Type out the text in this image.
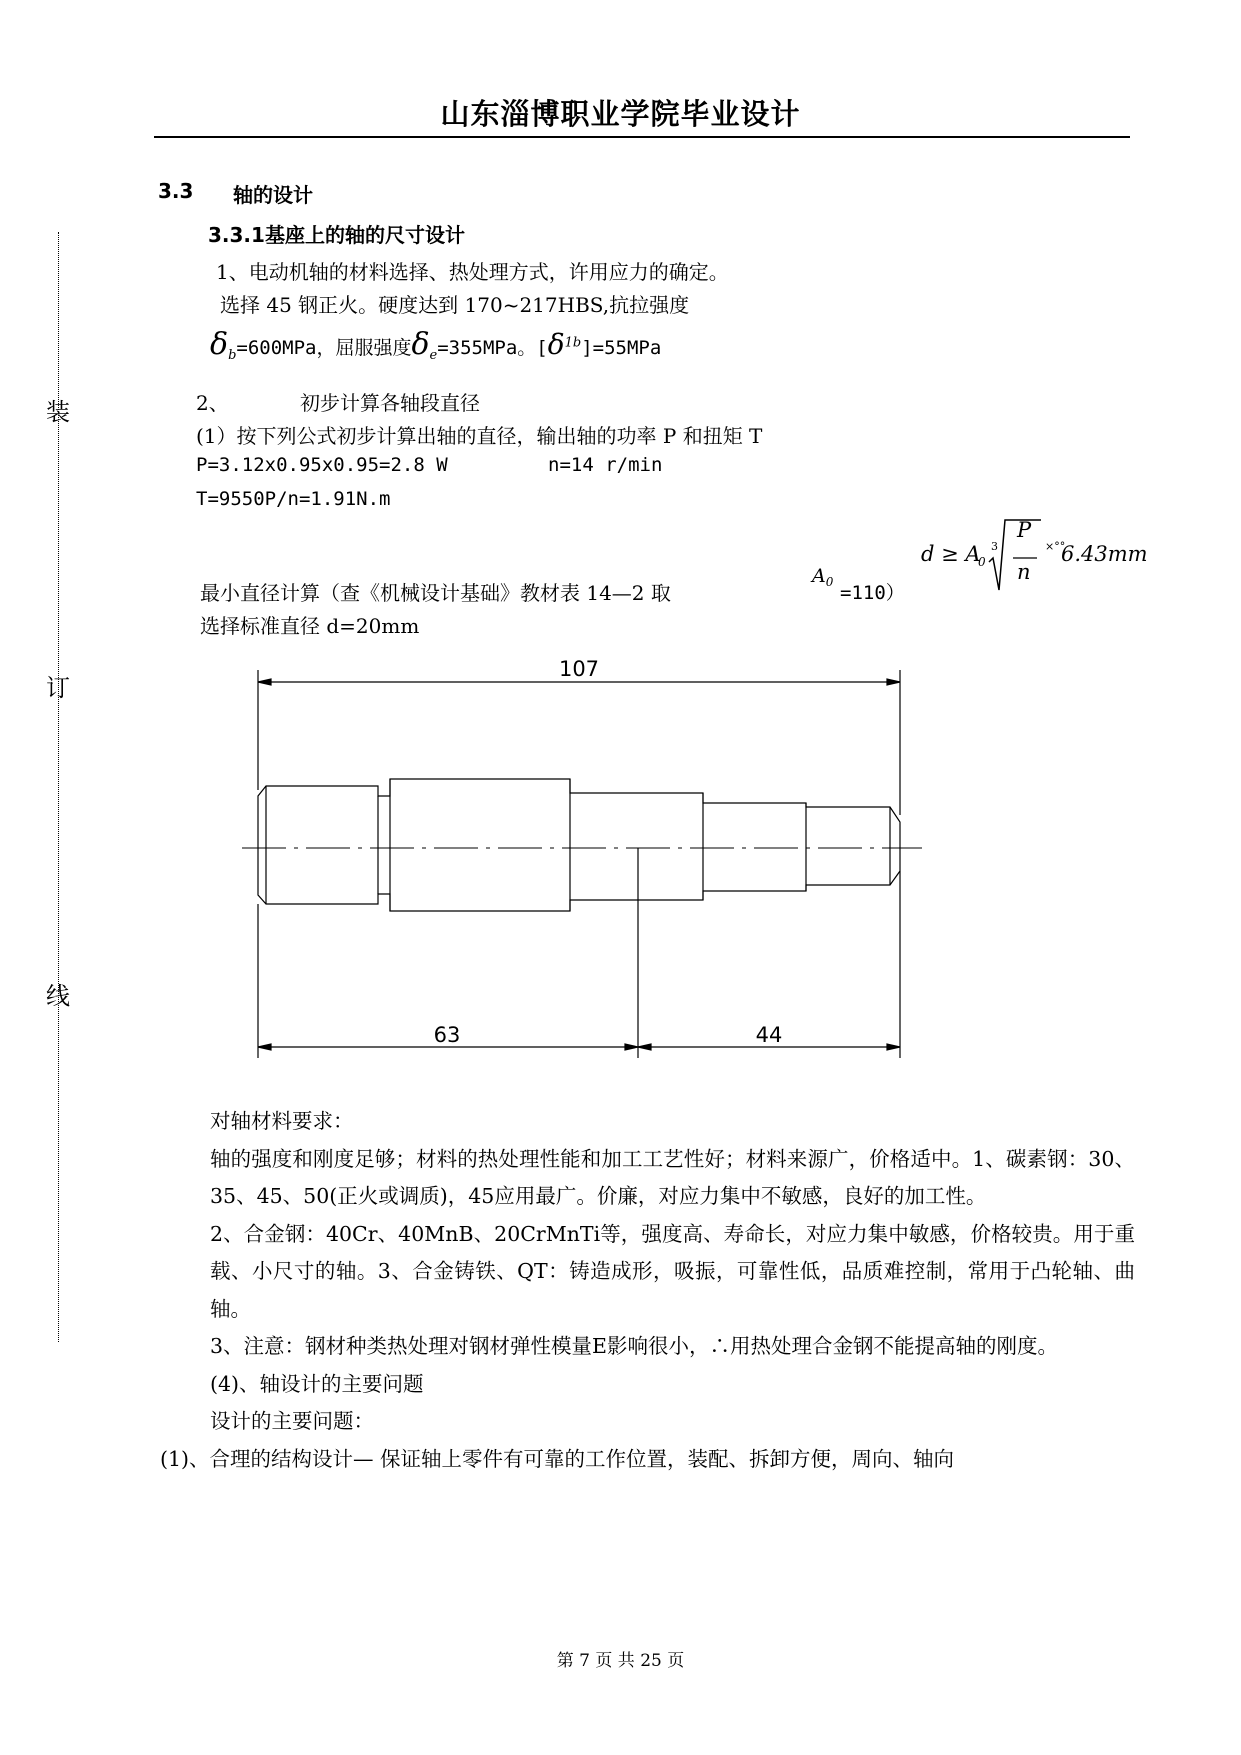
山东淄博职业学院毕业设计
装
订
线
3.3 轴的设计
3.3.1基座上的轴的尺寸设计
1、电动机轴的材料选择、热处理方式，许用应力的确定。
选择 45 钢正火。硬度达到 170~217HBS,抗拉强度
$\delta_b=600MPa$，屈服强度$\delta_e=355MPa$。$[\delta^{1b}]=55MPa$
2、	初步计算各轴段直径
(1）按下列公式初步计算出轴的直径，输出轴的功率 P 和扭矩 T
P=3.12x0.95x0.95=2.8 W	n=14 r/min
T=9550P/n=1.91N.m
d ≥ A
0
3
P
n
×°°
6.43mm
最小直径计算（查《机械设计基础》教材表 14—2 取
$A_0 =110$）
选择标准直径 d=20mm
107
63	44
对轴材料要求：
轴的强度和刚度足够；材料的热处理性能和加工工艺性好；材料来源广，价格适中。1、碳素钢：30、35、45、50(正火或调质)，45应用最广。价廉，对应力集中不敏感，良好的加工性。
2、合金钢：40Cr、40MnB、20CrMnTi等，强度高、寿命长，对应力集中敏感，价格较贵。用于重载、小尺寸的轴。3、合金铸铁、QT：铸造成形，吸振，可靠性低，品质难控制，常用于凸轮轴、曲轴。
3、注意：钢材种类热处理对钢材弹性模量E影响很小，∴用热处理合金钢不能提高轴的刚度。
(4)、轴设计的主要问题
设计的主要问题：
(1)、合理的结构设计— 保证轴上零件有可靠的工作位置，装配、拆卸方便，周向、轴向
第 7 页 共 25 页
